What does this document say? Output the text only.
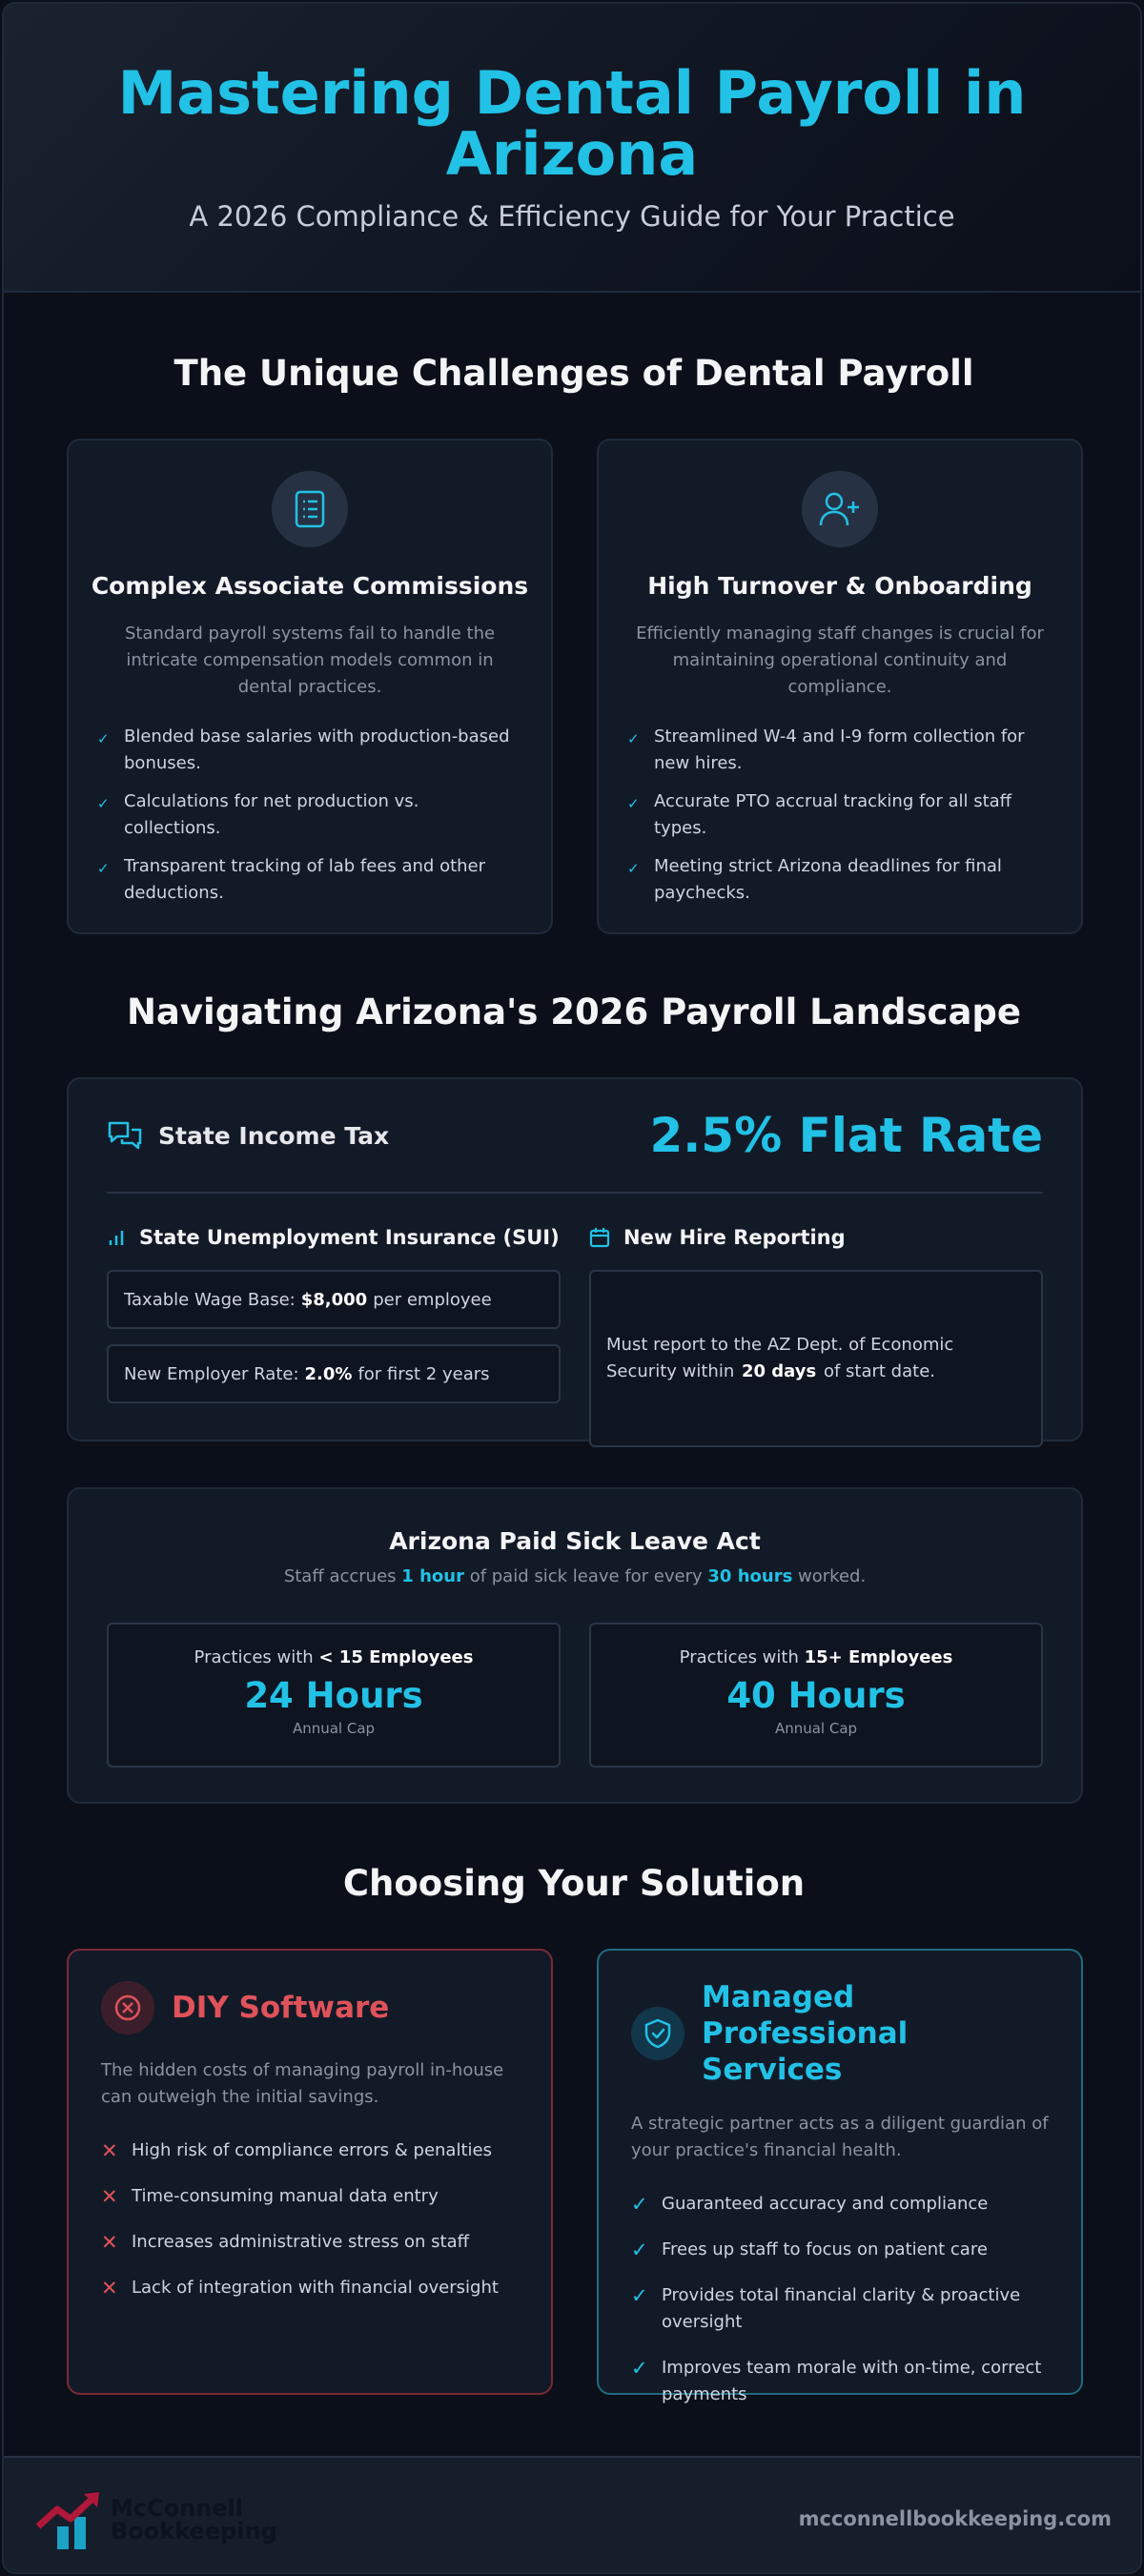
Mastering Dental Payroll in Arizona

A 2026 Compliance & Efficiency Guide for Your Practice

The Unique Challenges of Dental Payroll
Complex Associate Commissions
Standard payroll systems fail to handle the intricate compensation models common in dental practices.
✓ Blended base salaries with production-based bonuses.
✓ Calculations for net production vs. collections.
✓ Transparent tracking of lab fees and other deductions.
High Turnover & Onboarding
Efficiently managing staff changes is crucial for maintaining operational continuity and compliance.
✓ Streamlined W-4 and I-9 form collection for new hires.
✓ Accurate PTO accrual tracking for all staff types.
✓ Meeting strict Arizona deadlines for final paychecks.
Navigating Arizona's 2026 Payroll Landscape
State Income Tax	2.5% Flat Rate
State Unemployment Insurance (SUI)
Taxable Wage Base: $8,000 per employee
New Employer Rate: 2.0% for first 2 years
New Hire Reporting
Must report to the AZ Dept. of Economic Security within 20 days of start date.
Arizona Paid Sick Leave Act
Staff accrues 1 hour of paid sick leave for every 30 hours worked.
Practices with < 15 Employees
24 Hours
Annual Cap
Practices with 15+ Employees
40 Hours
Annual Cap
Choosing Your Solution
DIY Software
The hidden costs of managing payroll in-house can outweigh the initial savings.
✕ High risk of compliance errors & penalties
✕ Time-consuming manual data entry
✕ Increases administrative stress on staff
✕ Lack of integration with financial oversight
Managed
Professional Services
A strategic partner acts as a diligent guardian of your practice's financial health.
✓ Guaranteed accuracy and compliance
✓ Frees up staff to focus on patient care
✓ Provides total financial clarity & proactive oversight
✓ Improves team morale with on-time, correct payments
McConnell
Bookkeeping	mcconnellbookkeeping.com
